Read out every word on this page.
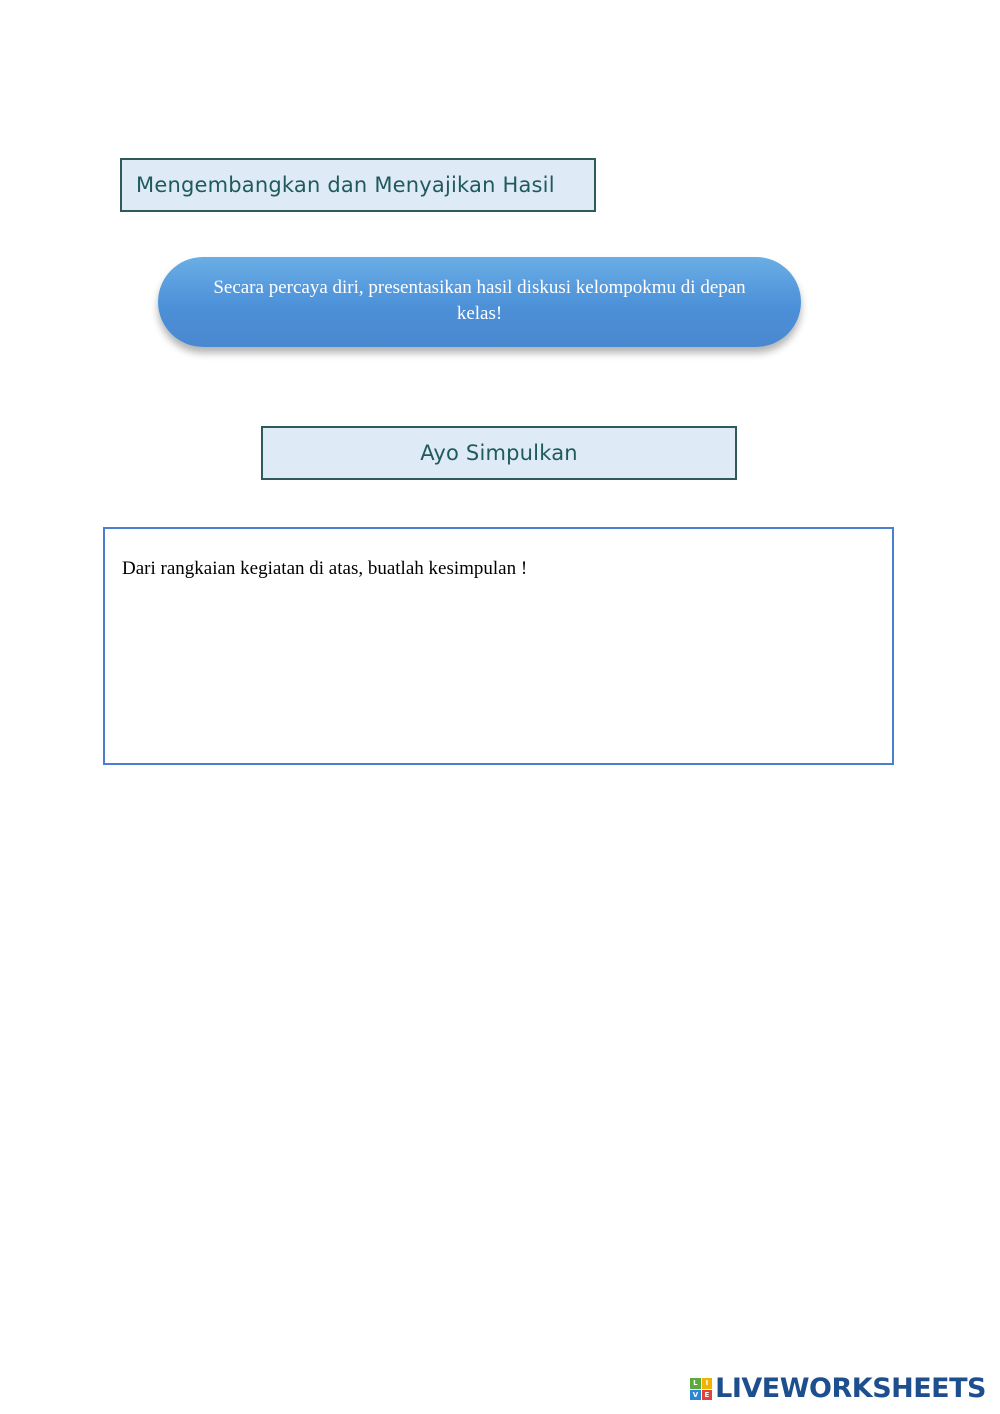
Mengembangkan dan Menyajikan Hasil
Secara percaya diri, presentasikan hasil diskusi kelompokmu di depan kelas!
Ayo Simpulkan
Dari rangkaian kegiatan di atas, buatlah kesimpulan !
L	I
V E LIVEWORKSHEETS
